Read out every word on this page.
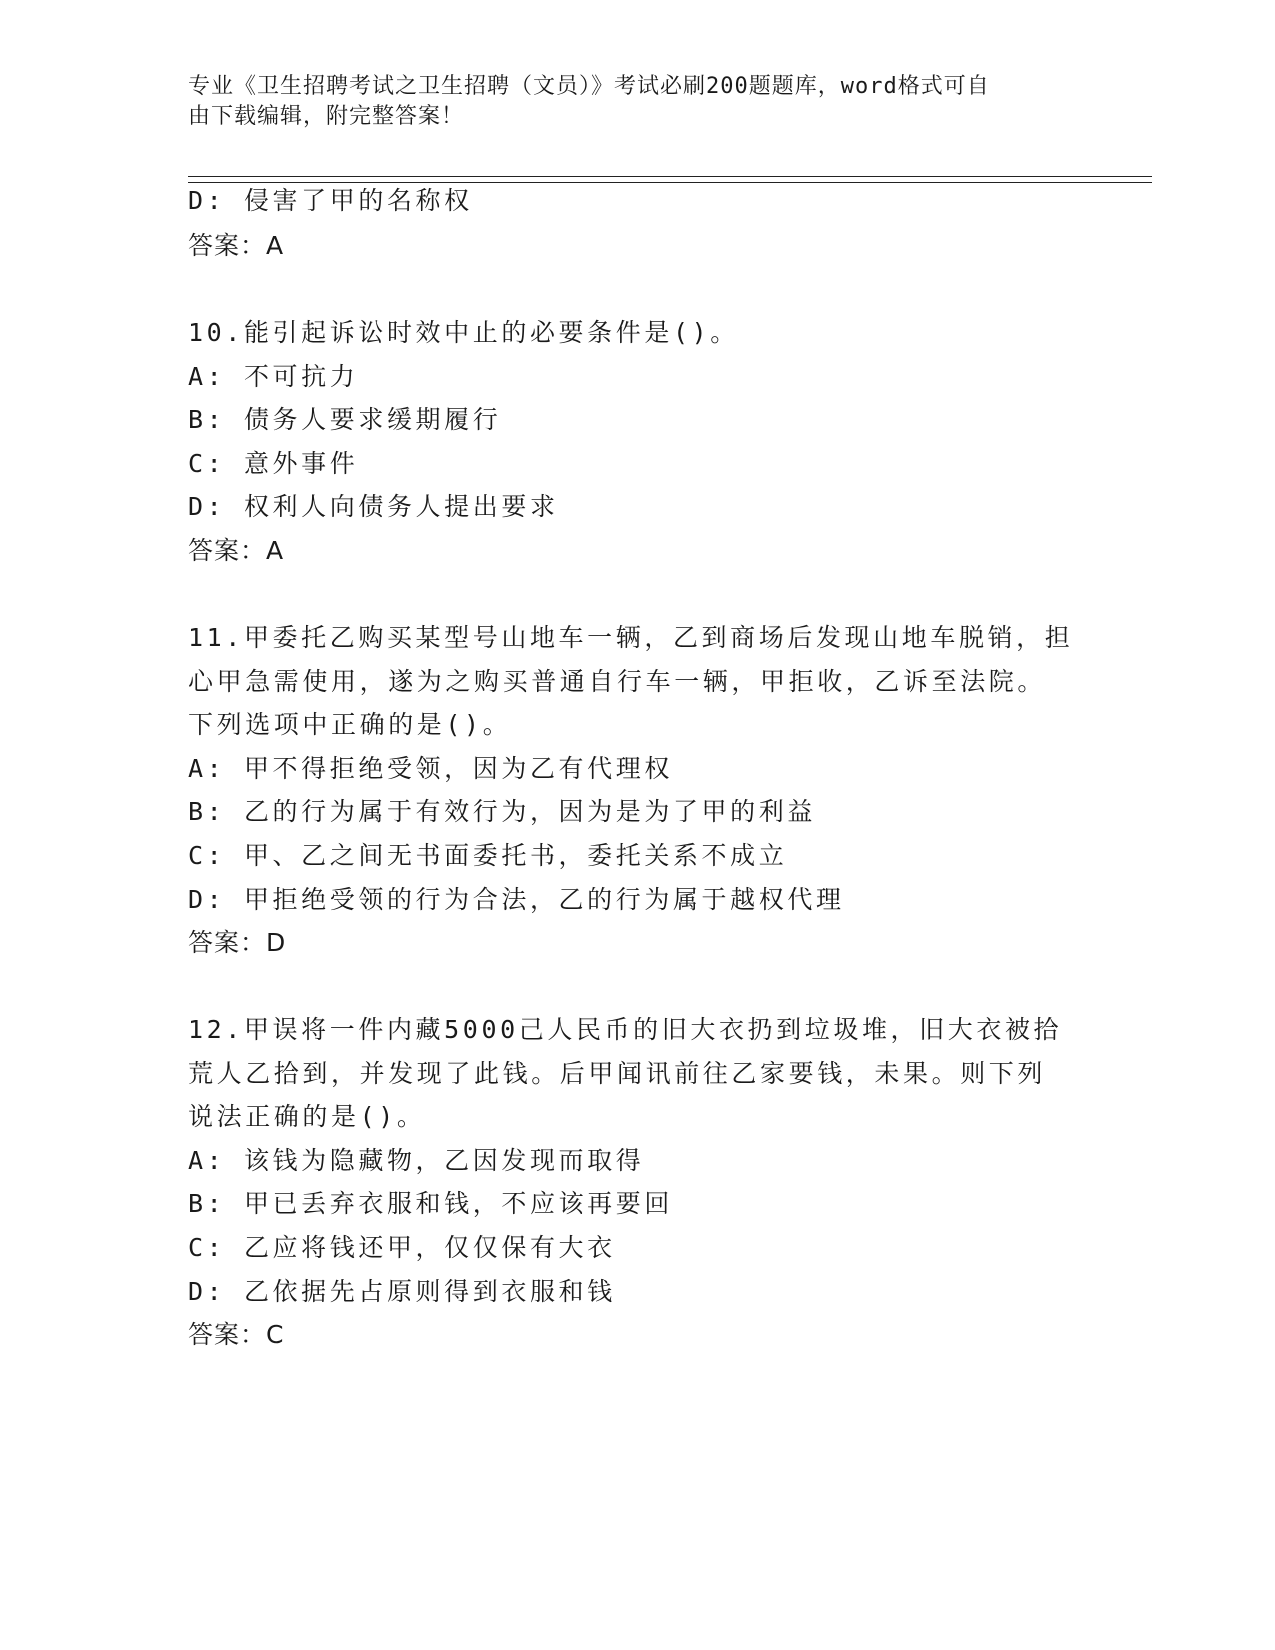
专业《卫生招聘考试之卫生招聘（文员）》考试必刷200题题库，word格式可自
由下载编辑，附完整答案！
D: 侵害了甲的名称权
答案：A
10.能引起诉讼时效中止的必要条件是()。
A: 不可抗力
B: 债务人要求缓期履行
C: 意外事件
D: 权利人向债务人提出要求
答案：A
11.甲委托乙购买某型号山地车一辆，乙到商场后发现山地车脱销，担
心甲急需使用，遂为之购买普通自行车一辆，甲拒收，乙诉至法院。
下列选项中正确的是()。
A: 甲不得拒绝受领，因为乙有代理权
B: 乙的行为属于有效行为，因为是为了甲的利益
C: 甲、乙之间无书面委托书，委托关系不成立
D: 甲拒绝受领的行为合法，乙的行为属于越权代理
答案：D
12.甲误将一件内藏5000己人民币的旧大衣扔到垃圾堆，旧大衣被拾
荒人乙拾到，并发现了此钱。后甲闻讯前往乙家要钱，未果。则下列
说法正确的是()。
A: 该钱为隐藏物，乙因发现而取得
B: 甲已丢弃衣服和钱，不应该再要回
C: 乙应将钱还甲，仅仅保有大衣
D: 乙依据先占原则得到衣服和钱
答案：C
